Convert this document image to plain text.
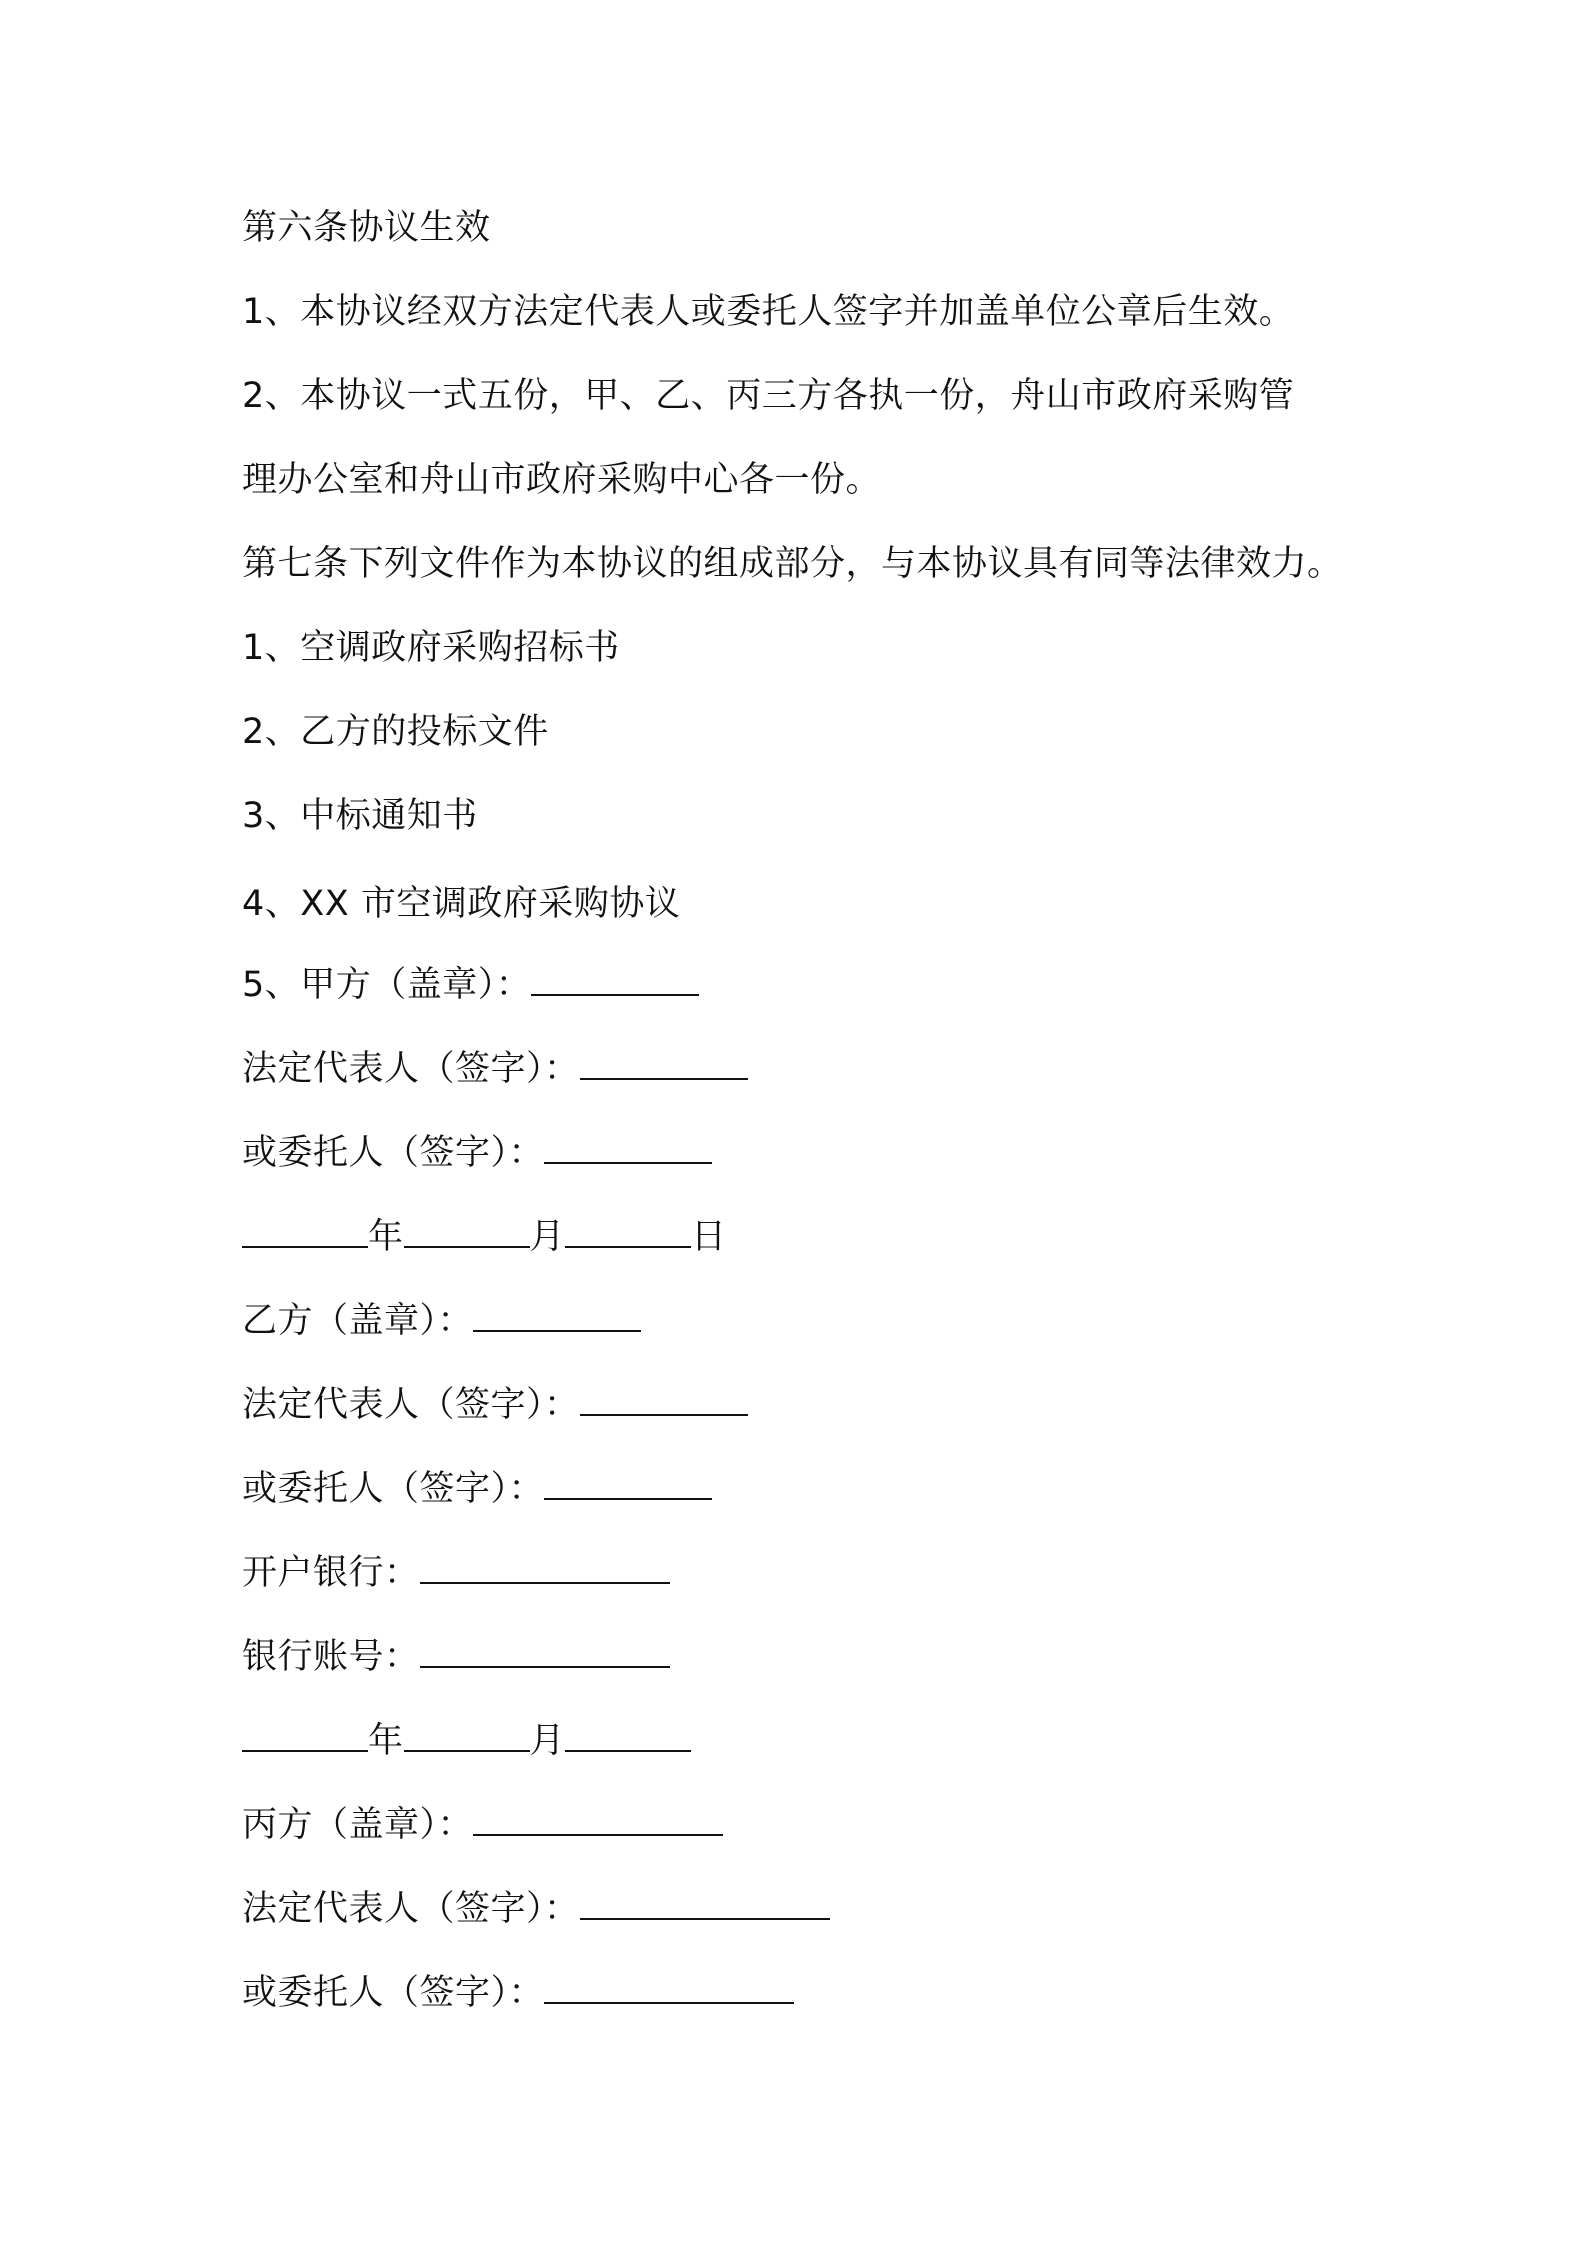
第六条协议生效
1、本协议经双方法定代表人或委托人签字并加盖单位公章后生效。
2、本协议一式五份，甲、乙、丙三方各执一份，舟山市政府采购管
理办公室和舟山市政府采购中心各一份。
第七条下列文件作为本协议的组成部分，与本协议具有同等法律效力。
1、空调政府采购招标书
2、乙方的投标文件
3、中标通知书
4、XX 市空调政府采购协议
5、甲方（盖章）：
法定代表人（签字）：
或委托人（签字）：
年	月	日
乙方（盖章）：
法定代表人（签字）：
或委托人（签字）：
开户银行：
银行账号：
年	月
丙方（盖章）：
法定代表人（签字）：
或委托人（签字）：
